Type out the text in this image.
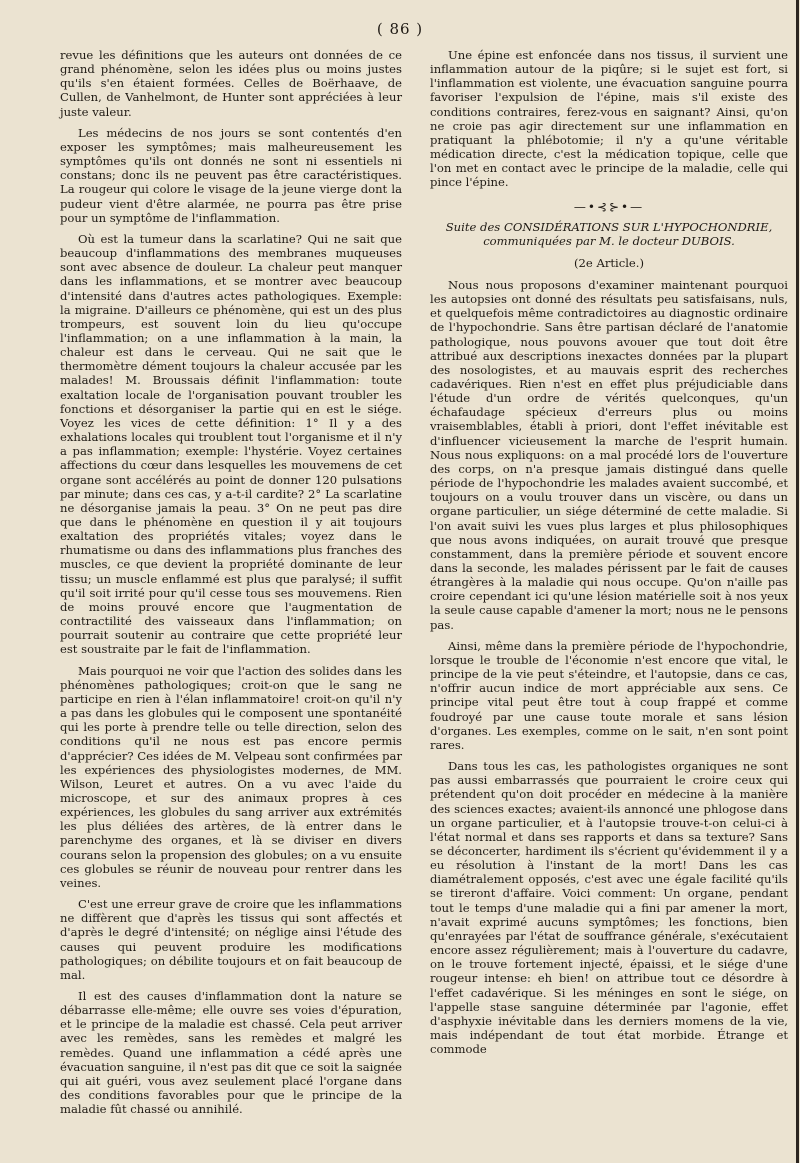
( 86 )

revue les définitions que les auteurs ont données de ce grand phénomène, selon les idées plus ou moins justes qu'ils s'en étaient formées. Celles de Boërhaave, de Cullen, de Vanhelmont, de Hunter sont appréciées à leur juste valeur.

Les médecins de nos jours se sont contentés d'en exposer les symptômes; mais malheureusement les symptômes qu'ils ont donnés ne sont ni essentiels ni constans; donc ils ne peuvent pas être caractéristiques. La rougeur qui colore le visage de la jeune vierge dont la pudeur vient d'être alarmée, ne pourra pas être prise pour un symptôme de l'inflammation.

Où est la tumeur dans la scarlatine? Qui ne sait que beaucoup d'inflammations des membranes muqueuses sont avec absence de douleur. La chaleur peut manquer dans les inflammations, et se montrer avec beaucoup d'intensité dans d'autres actes pathologiques. Exemple: la migraine. D'ailleurs ce phénomène, qui est un des plus trompeurs, est souvent loin du lieu qu'occupe l'inflammation; on a une inflammation à la main, la chaleur est dans le cerveau. Qui ne sait que le thermomètre dément toujours la chaleur accusée par les malades! M. Broussais définit l'inflammation: toute exaltation locale de l'organisation pouvant troubler les fonctions et désorganiser la partie qui en est le siége. Voyez les vices de cette définition: 1° Il y a des exhalations locales qui troublent tout l'organisme et il n'y a pas inflammation; exemple: l'hystérie. Voyez certaines affections du cœur dans lesquelles les mouvemens de cet organe sont accélérés au point de donner 120 pulsations par minute; dans ces cas, y a-t-il cardite? 2° La scarlatine ne désorganise jamais la peau. 3° On ne peut pas dire que dans le phénomène en question il y ait toujours exaltation des propriétés vitales; voyez dans le rhumatisme ou dans des inflammations plus franches des muscles, ce que devient la propriété dominante de leur tissu; un muscle enflammé est plus que paralysé; il suffit qu'il soit irrité pour qu'il cesse tous ses mouvemens. Rien de moins prouvé encore que l'augmentation de contractilité des vaisseaux dans l'inflammation; on pourrait soutenir au contraire que cette propriété leur est soustraite par le fait de l'inflammation.

Mais pourquoi ne voir que l'action des solides dans les phénomènes pathologiques; croit-on que le sang ne participe en rien à l'élan inflammatoire! croit-on qu'il n'y a pas dans les globules qui le composent une spontanéité qui les porte à prendre telle ou telle direction, selon des conditions qu'il ne nous est pas encore permis d'apprécier? Ces idées de M. Velpeau sont confirmées par les expériences des physiologistes modernes, de MM. Wilson, Leuret et autres. On a vu avec l'aide du microscope, et sur des animaux propres à ces expériences, les globules du sang arriver aux extrémités les plus déliées des artères, de là entrer dans le parenchyme des organes, et là se diviser en divers courans selon la propension des globules; on a vu ensuite ces globules se réunir de nouveau pour rentrer dans les veines.

C'est une erreur grave de croire que les inflammations ne diffèrent que d'après les tissus qui sont affectés et d'après le degré d'intensité; on néglige ainsi l'étude des causes qui peuvent produire les modifications pathologiques; on débilite toujours et on fait beaucoup de mal.

Il est des causes d'inflammation dont la nature se débarrasse elle-même; elle ouvre ses voies d'épuration, et le principe de la maladie est chassé. Cela peut arriver avec les remèdes, sans les remèdes et malgré les remèdes. Quand une inflammation a cédé après une évacuation sanguine, il n'est pas dit que ce soit la saignée qui ait guéri, vous avez seulement placé l'organe dans des conditions favorables pour que le principe de la maladie fût chassé ou annihilé.

Une épine est enfoncée dans nos tissus, il survient une inflammation autour de la piqûre; si le sujet est fort, si l'inflammation est violente, une évacuation sanguine pourra favoriser l'expulsion de l'épine, mais s'il existe des conditions contraires, ferez-vous en saignant? Ainsi, qu'on ne croie pas agir directement sur une inflammation en pratiquant la phlébotomie; il n'y a qu'une véritable médication directe, c'est la médication topique, celle que l'on met en contact avec le principe de la maladie, celle qui pince l'épine.

—•⊰⊱•—

Suite des CONSIDÉRATIONS SUR L'HYPOCHONDRIE, communiquées par M. le docteur DUBOIS.

(2e Article.)

Nous nous proposons d'examiner maintenant pourquoi les autopsies ont donné des résultats peu satisfaisans, nuls, et quelquefois même contradictoires au diagnostic ordinaire de l'hypochondrie. Sans être partisan déclaré de l'anatomie pathologique, nous pouvons avouer que tout doit être attribué aux descriptions inexactes données par la plupart des nosologistes, et au mauvais esprit des recherches cadavériques. Rien n'est en effet plus préjudiciable dans l'étude d'un ordre de vérités quelconques, qu'un échafaudage spécieux d'erreurs plus ou moins vraisemblables, établi à priori, dont l'effet inévitable est d'influencer vicieusement la marche de l'esprit humain. Nous nous expliquons: on a mal procédé lors de l'ouverture des corps, on n'a presque jamais distingué dans quelle période de l'hypochondrie les malades avaient succombé, et toujours on a voulu trouver dans un viscère, ou dans un organe particulier, un siége déterminé de cette maladie. Si l'on avait suivi les vues plus larges et plus philosophiques que nous avons indiquées, on aurait trouvé que presque constamment, dans la première période et souvent encore dans la seconde, les malades périssent par le fait de causes étrangères à la maladie qui nous occupe. Qu'on n'aille pas croire cependant ici qu'une lésion matérielle soit à nos yeux la seule cause capable d'amener la mort; nous ne le pensons pas.

Ainsi, même dans la première période de l'hypochondrie, lorsque le trouble de l'économie n'est encore que vital, le principe de la vie peut s'éteindre, et l'autopsie, dans ce cas, n'offrir aucun indice de mort appréciable aux sens. Ce principe vital peut être tout à coup frappé et comme foudroyé par une cause toute morale et sans lésion d'organes. Les exemples, comme on le sait, n'en sont point rares.

Dans tous les cas, les pathologistes organiques ne sont pas aussi embarrassés que pourraient le croire ceux qui prétendent qu'on doit procéder en médecine à la manière des sciences exactes; avaient-ils annoncé une phlogose dans un organe particulier, et à l'autopsie trouve-t-on celui-ci à l'état normal et dans ses rapports et dans sa texture? Sans se déconcerter, hardiment ils s'écrient qu'évidemment il y a eu résolution à l'instant de la mort! Dans les cas diamétralement opposés, c'est avec une égale facilité qu'ils se tireront d'affaire. Voici comment: Un organe, pendant tout le temps d'une maladie qui a fini par amener la mort, n'avait exprimé aucuns symptômes; les fonctions, bien qu'enrayées par l'état de souffrance générale, s'exécutaient encore assez régulièrement; mais à l'ouverture du cadavre, on le trouve fortement injecté, épaissi, et le siége d'une rougeur intense: eh bien! on attribue tout ce désordre à l'effet cadavérique. Si les méninges en sont le siége, on l'appelle stase sanguine déterminée par l'agonie, effet d'asphyxie inévitable dans les derniers momens de la vie, mais indépendant de tout état morbide. Étrange et commode
